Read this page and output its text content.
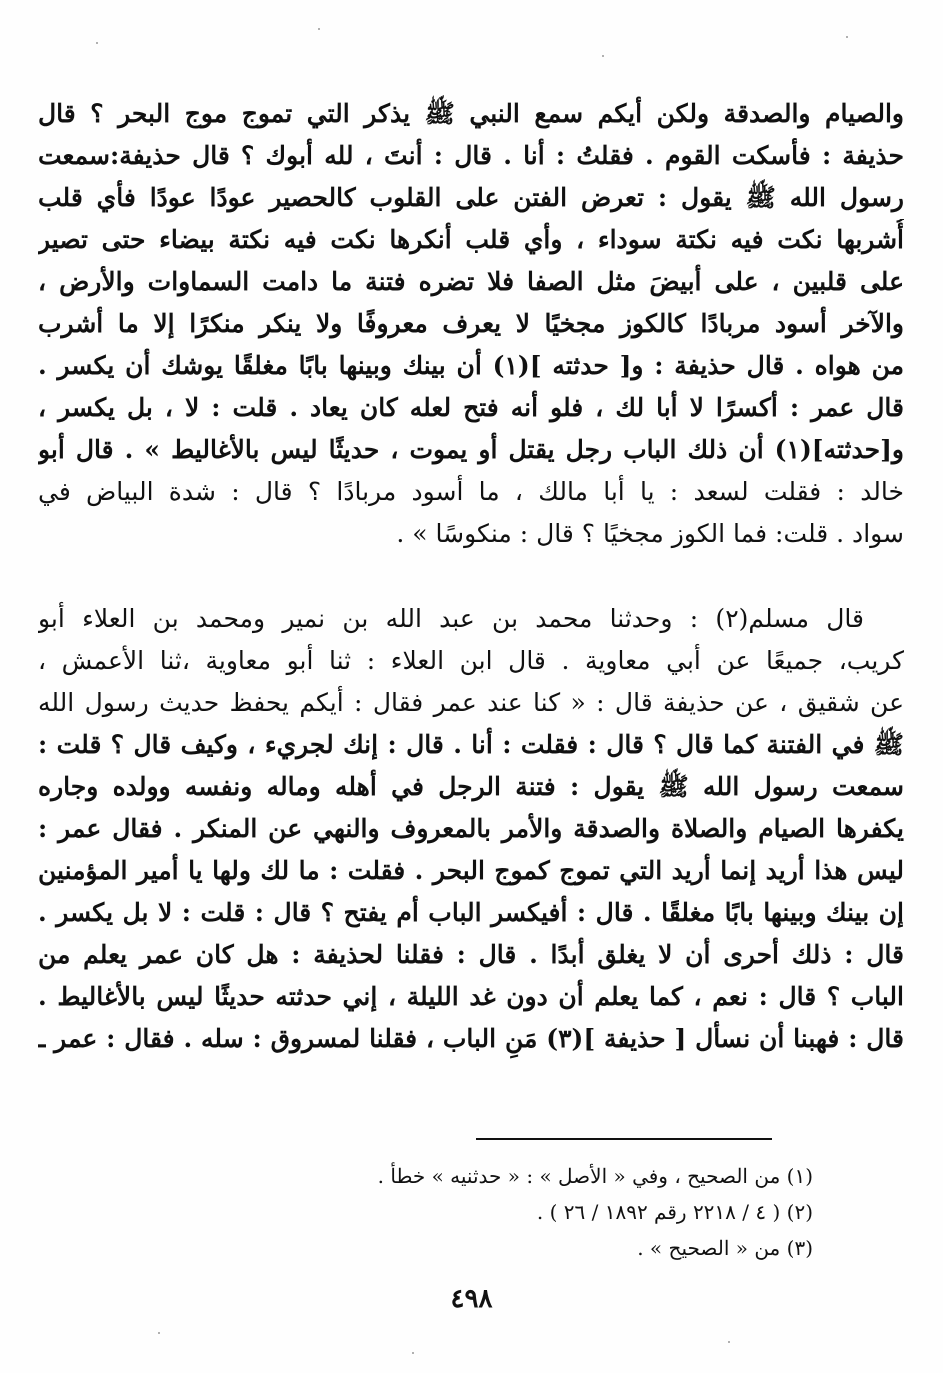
والصيام والصدقة ولكن أيكم سمع النبي ﷺ يذكر التي تموج موج البحر ؟ قال
حذيفة : فأسكت القوم . فقلتُ : أنا . قال : أنتَ ، لله أبوك ؟ قال حذيفة:سمعت
رسول الله ﷺ يقول : تعرض الفتن على القلوب كالحصير عودًا عودًا فأي قلب
أُشربها نكت فيه نكتة سوداء ، وأي قلب أنكرها نكت فيه نكتة بيضاء حتى تصير
على قلبين ، على أبيضَ مثل الصفا فلا تضره فتنة ما دامت السماوات والأرض ،
والآخر أسود مربادًا كالكوز مجخيًا لا يعرف معروفًا ولا ينكر منكرًا إلا ما أشرب
من هواه . قال حذيفة : و[ حدثته ](١) أن بينك وبينها بابًا مغلقًا يوشك أن يكسر .
قال عمر : أكسرًا لا أبا لك ، فلو أنه فتح لعله كان يعاد . قلت : لا ، بل يكسر ،
و[حدثته](١) أن ذلك الباب رجل يقتل أو يموت ، حديثًا ليس بالأغاليط » . قال أبو
خالد : فقلت لسعد : يا أبا مالك ، ما أسود مربادًا ؟ قال : شدة البياض في
سواد . قلت: فما الكوز مجخيًا ؟ قال : منكوسًا » .
قال مسلم(٢) : وحدثنا محمد بن عبد الله بن نمير ومحمد بن العلاء أبو
كريب، جميعًا عن أبي معاوية . قال ابن العلاء : ثنا أبو معاوية ،ثنا الأعمش ،
عن شقيق ، عن حذيفة قال : « كنا عند عمر فقال : أيكم يحفظ حديث رسول الله
ﷺ في الفتنة كما قال ؟ قال : فقلت : أنا . قال : إنك لجريء ، وكيف قال ؟ قلت :
سمعت رسول الله ﷺ يقول : فتنة الرجل في أهله وماله ونفسه وولده وجاره
يكفرها الصيام والصلاة والصدقة والأمر بالمعروف والنهي عن المنكر . فقال عمر :
ليس هذا أريد إنما أريد التي تموج كموج البحر . فقلت : ما لك ولها يا أمير المؤمنين
إن بينك وبينها بابًا مغلقًا . قال : أفيكسر الباب أم يفتح ؟ قال : قلت : لا بل يكسر .
قال : ذلك أحرى أن لا يغلق أبدًا . قال : فقلنا لحذيفة : هل كان عمر يعلم من
الباب ؟ قال : نعم ، كما يعلم أن دون غد الليلة ، إني حدثته حديثًا ليس بالأغاليط .
قال : فهبنا أن نسأل [ حذيفة ](٣) مَنِ الباب ، فقلنا لمسروق : سله . فقال : عمر ـ
(١) من الصحيح ، وفي « الأصل » : « حدثنيه » خطأ .
(٢) ( ٤ / ٢٢١٨ رقم ١٨٩٢ / ٢٦ ) .
(٣) من « الصحيح » .
٤٩٨
